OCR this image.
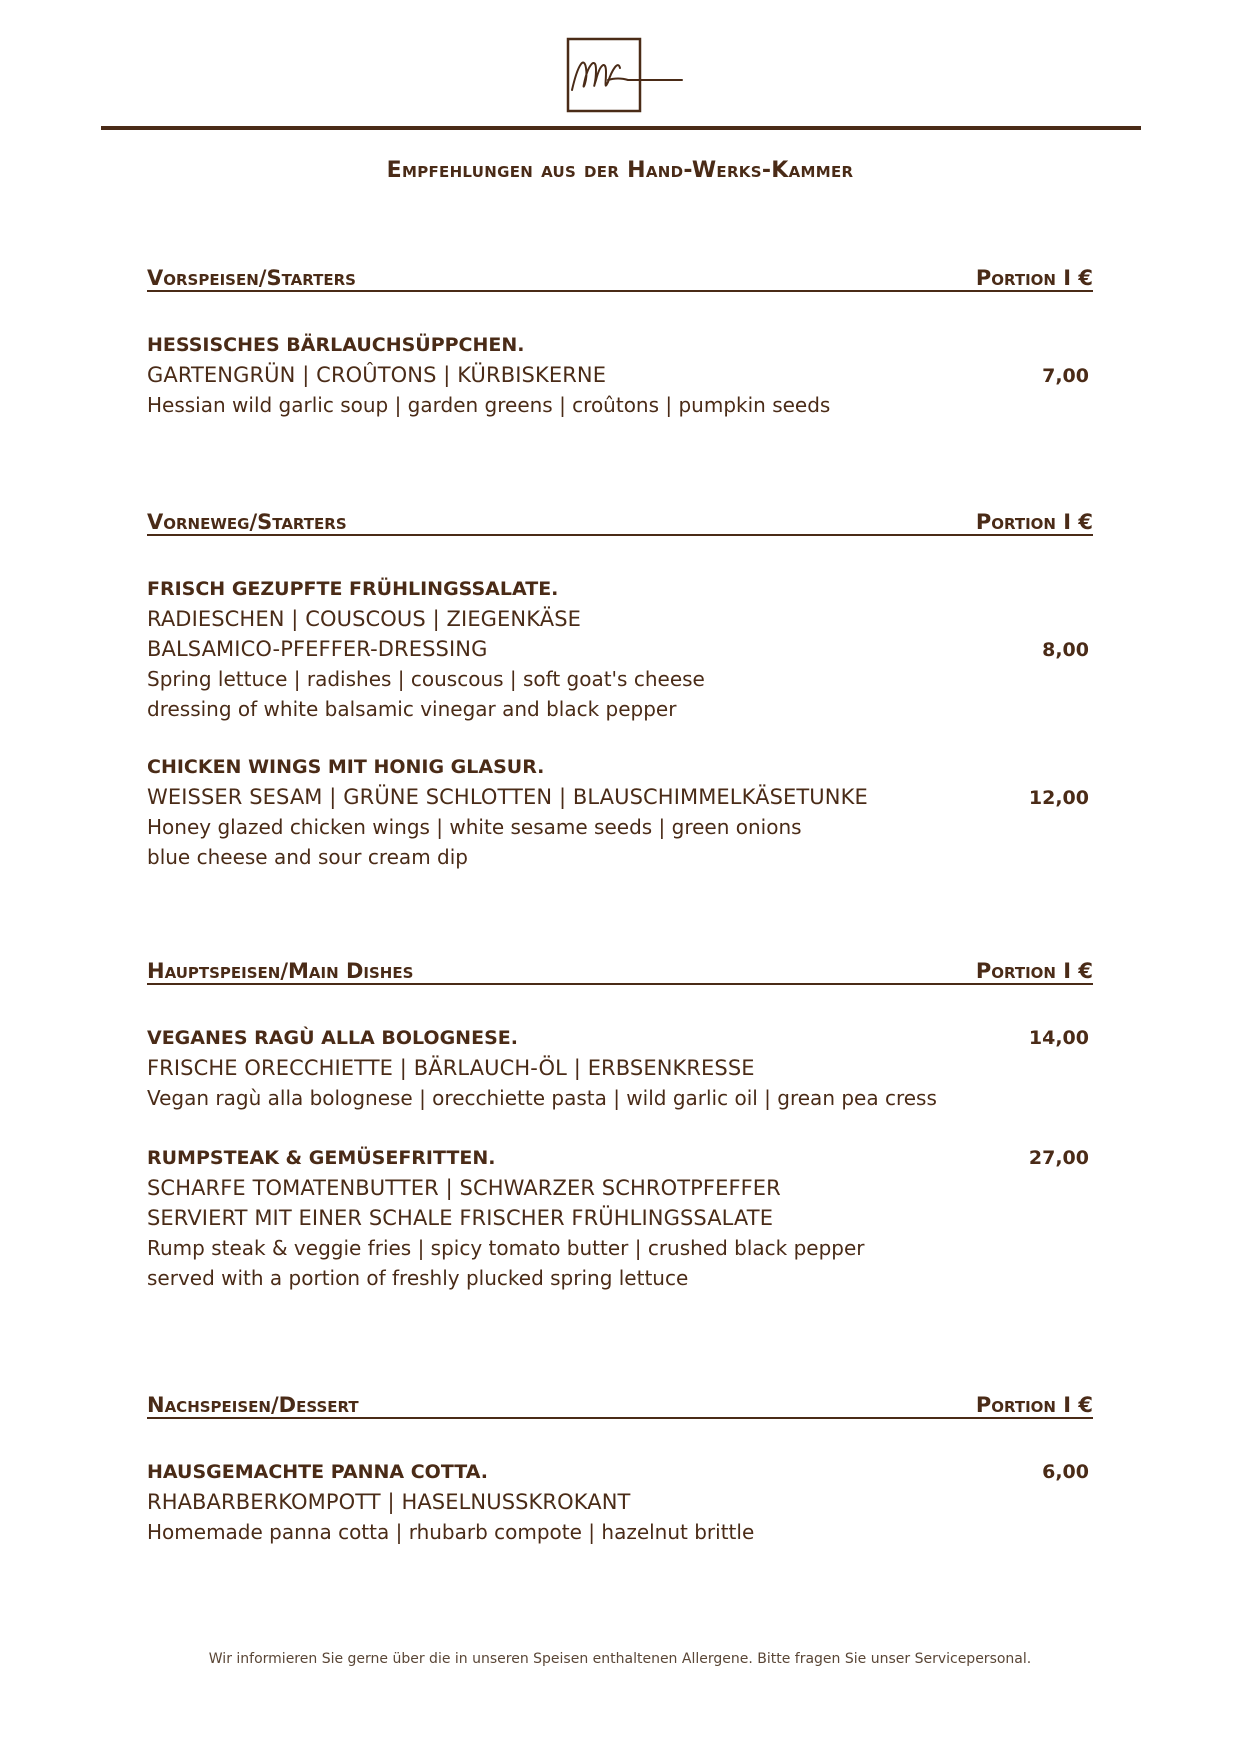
Empfehlungen aus der Hand-Werks-Kammer
Vorspeisen/Starters	Portion I €
HESSISCHES BÄRLAUCHSÜPPCHEN.
GARTENGRÜN | CROÛTONS | KÜRBISKERNE	7,00
Hessian wild garlic soup | garden greens | croûtons | pumpkin seeds
Vorneweg/Starters	Portion I €
FRISCH GEZUPFTE FRÜHLINGSSALATE.
RADIESCHEN | COUSCOUS | ZIEGENKÄSE
BALSAMICO-PFEFFER-DRESSING	8,00
Spring lettuce | radishes | couscous | soft goat's cheese
dressing of white balsamic vinegar and black pepper
CHICKEN WINGS MIT HONIG GLASUR.
WEISSER SESAM | GRÜNE SCHLOTTEN | BLAUSCHIMMELKÄSETUNKE	12,00
Honey glazed chicken wings | white sesame seeds | green onions
blue cheese and sour cream dip
Hauptspeisen/Main Dishes	Portion I €
VEGANES RAGÙ ALLA BOLOGNESE.	14,00
FRISCHE ORECCHIETTE | BÄRLAUCH-ÖL | ERBSENKRESSE
Vegan ragù alla bolognese | orecchiette pasta | wild garlic oil | grean pea cress
RUMPSTEAK & GEMÜSEFRITTEN.	27,00
SCHARFE TOMATENBUTTER | SCHWARZER SCHROTPFEFFER
SERVIERT MIT EINER SCHALE FRISCHER FRÜHLINGSSALATE
Rump steak & veggie fries | spicy tomato butter | crushed black pepper
served with a portion of freshly plucked spring lettuce
Nachspeisen/Dessert	Portion I €
HAUSGEMACHTE PANNA COTTA.	6,00
RHABARBERKOMPOTT | HASELNUSSKROKANT
Homemade panna cotta | rhubarb compote | hazelnut brittle
Wir informieren Sie gerne über die in unseren Speisen enthaltenen Allergene. Bitte fragen Sie unser Servicepersonal.
